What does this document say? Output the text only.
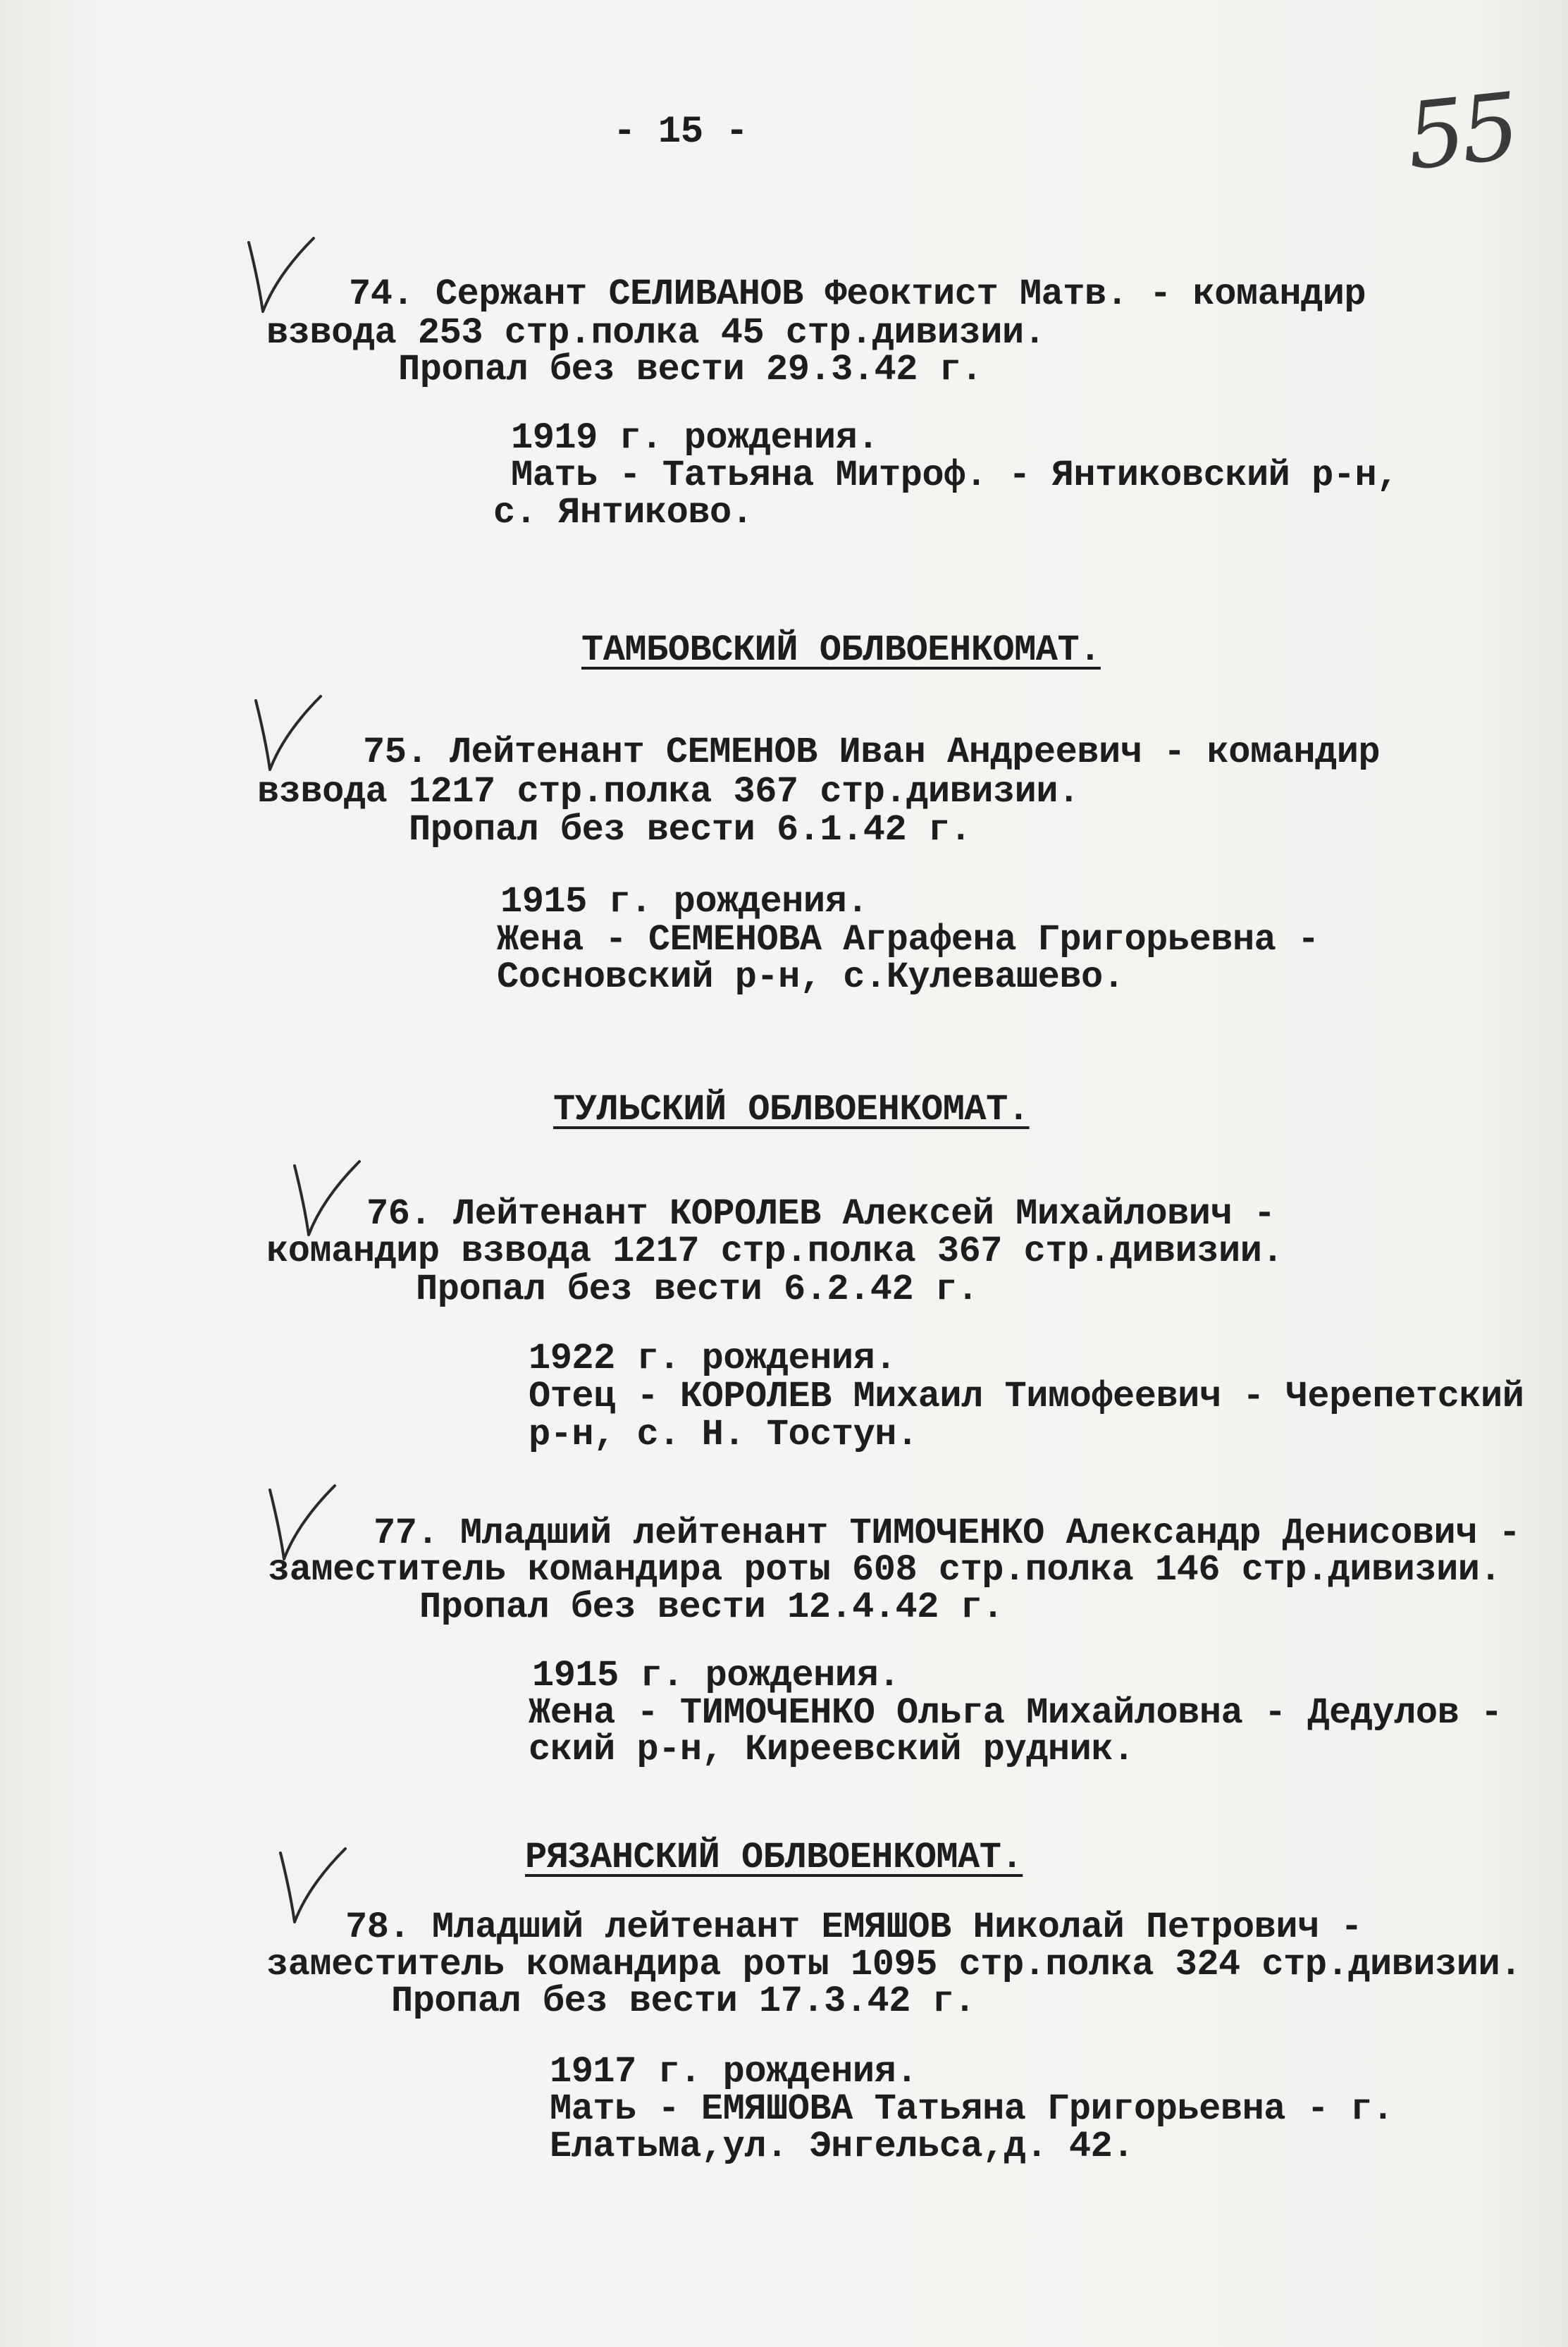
- 15 -	55
74. Сержант СЕЛИВАНОВ Феоктист Матв. - командир
взвода 253 стр.полка 45 стр.дивизии.
Пропал без вести 29.3.42 г.
1919 г. рождения.
Мать - Татьяна Митроф. - Янтиковский р-н,
с. Янтиково.
ТАМБОВСКИЙ ОБЛВОЕНКОМАТ.
75. Лейтенант СЕМЕНОВ Иван Андреевич - командир
взвода 1217 стр.полка 367 стр.дивизии.
Пропал без вести 6.1.42 г.
1915 г. рождения.
Жена - СЕМЕНОВА Аграфена Григорьевна -
Сосновский р-н, с.Кулевашево.
ТУЛЬСКИЙ ОБЛВОЕНКОМАТ.
76. Лейтенант КОРОЛЕВ Алексей Михайлович -
командир взвода 1217 стр.полка 367 стр.дивизии.
Пропал без вести 6.2.42 г.
1922 г. рождения.
Отец - КОРОЛЕВ Михаил Тимофеевич - Черепетский
р-н, с. Н. Тостун.
77. Младший лейтенант ТИМОЧЕНКО Александр Денисович -
заместитель командира роты 608 стр.полка 146 стр.дивизии.
Пропал без вести 12.4.42 г.
1915 г. рождения.
Жена - ТИМОЧЕНКО Ольга Михайловна - Дедулов -
ский р-н, Киреевский рудник.
РЯЗАНСКИЙ ОБЛВОЕНКОМАТ.
78. Младший лейтенант ЕМЯШОВ Николай Петрович -
заместитель командира роты 1095 стр.полка 324 стр.дивизии.
Пропал без вести 17.3.42 г.
1917 г. рождения.
Мать - ЕМЯШОВА Татьяна Григорьевна - г.
Елатьма,ул. Энгельса,д. 42.
